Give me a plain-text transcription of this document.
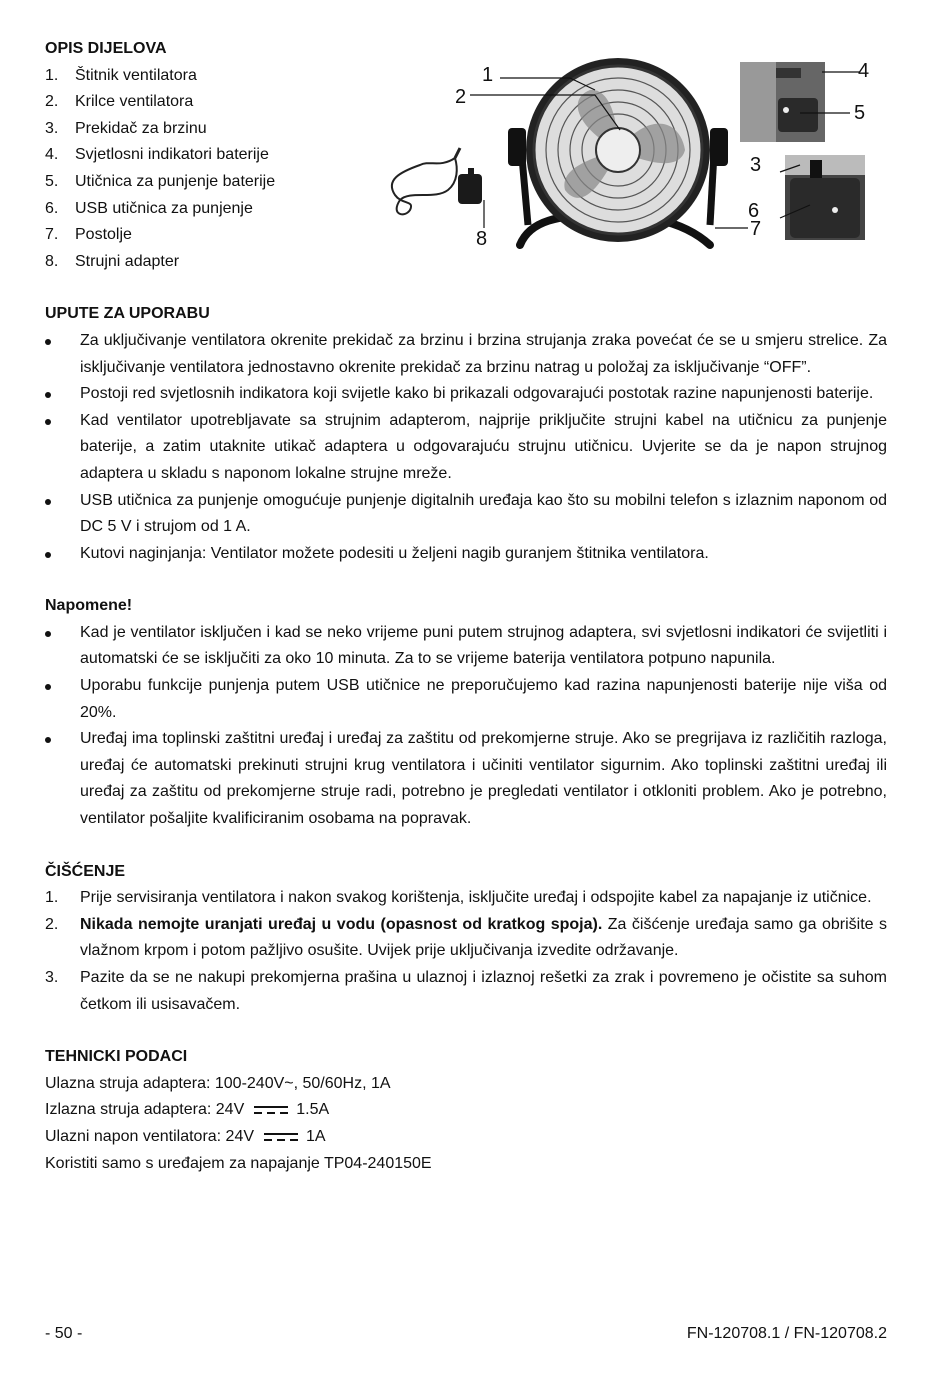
OPIS DIJELOVA

1.	Štitnik ventilatora
2.	Krilce ventilatora
3.	Prekidač za brzinu
4.	Svjetlosni indikatori baterije
5.	Utičnica za punjenje baterije
6.	USB utičnica za punjenje
7.	Postolje
8.	Strujni adapter

UPUTE ZA UPORABU

Za uključivanje ventilatora okrenite prekidač za brzinu i brzina strujanja zraka povećat će se u smjeru strelice. Za isključivanje ventilatora jednostavno okrenite prekidač za brzinu natrag u položaj za isključivanje “OFF”.
Postoji red svjetlosnih indikatora koji svijetle kako bi prikazali odgovarajući postotak razine napunjenosti baterije.
Kad ventilator upotrebljavate sa strujnim adapterom, najprije priključite strujni kabel na utičnicu za punjenje baterije, a zatim utaknite utikač adaptera u odgovarajuću strujnu utičnicu. Uvjerite se da je napon strujnog adaptera u skladu s naponom lokalne strujne mreže.
USB utičnica za punjenje omogućuje punjenje digitalnih uređaja kao što su mobilni telefon s izlaznim naponom od DC 5 V i strujom od 1 A.
Kutovi naginjanja: Ventilator možete podesiti u željeni nagib guranjem štitnika ventilatora.

Napomene!

Kad je ventilator isključen i kad se neko vrijeme puni putem strujnog adaptera, svi svjetlosni indikatori će svijetliti i automatski će se isključiti za oko 10 minuta. Za to se vrijeme baterija ventilatora potpuno napunila.
Uporabu funkcije punjenja putem USB utičnice ne preporučujemo kad razina napunjenosti baterije nije viša od 20%.
Uređaj ima toplinski zaštitni uređaj i uređaj za zaštitu od prekomjerne struje. Ako se pregrijava iz različitih razloga, uređaj će automatski prekinuti strujni krug ventilatora i učiniti ventilator sigurnim. Ako toplinski zaštitni uređaj ili uređaj za zaštitu od prekomjerne struje radi, potrebno je pregledati ventilator i otkloniti problem. Ako je potrebno, ventilator pošaljite kvalificiranim osobama na popravak.

ČIŠĆENJE

1.	Prije servisiranja ventilatora i nakon svakog korištenja, isključite uređaj i odspojite kabel za napajanje iz utičnice.
2.	Nikada nemojte uranjati uređaj u vodu (opasnost od kratkog spoja). Za čišćenje uređaja samo ga obrišite s vlažnom krpom i potom pažljivo osušite. Uvijek prije uključivanja izvedite održavanje.
3.	Pazite da se ne nakupi prekomjerna prašina u ulaznoj i izlaznoj rešetki za zrak i povremeno je očistite sa suhom četkom ili usisavačem.

TEHNICKI PODACI

Ulazna struja adaptera: 100-240V~, 50/60Hz, 1A

Izlazna struja adaptera: 24V	1.5A

Ulazni napon ventilatora: 24V	1A

Koristiti samo s uređajem za napajanje TP04-240150E

1
2
3
4
5
6
7
8
- 50 -	FN-120708.1 / FN-120708.2
